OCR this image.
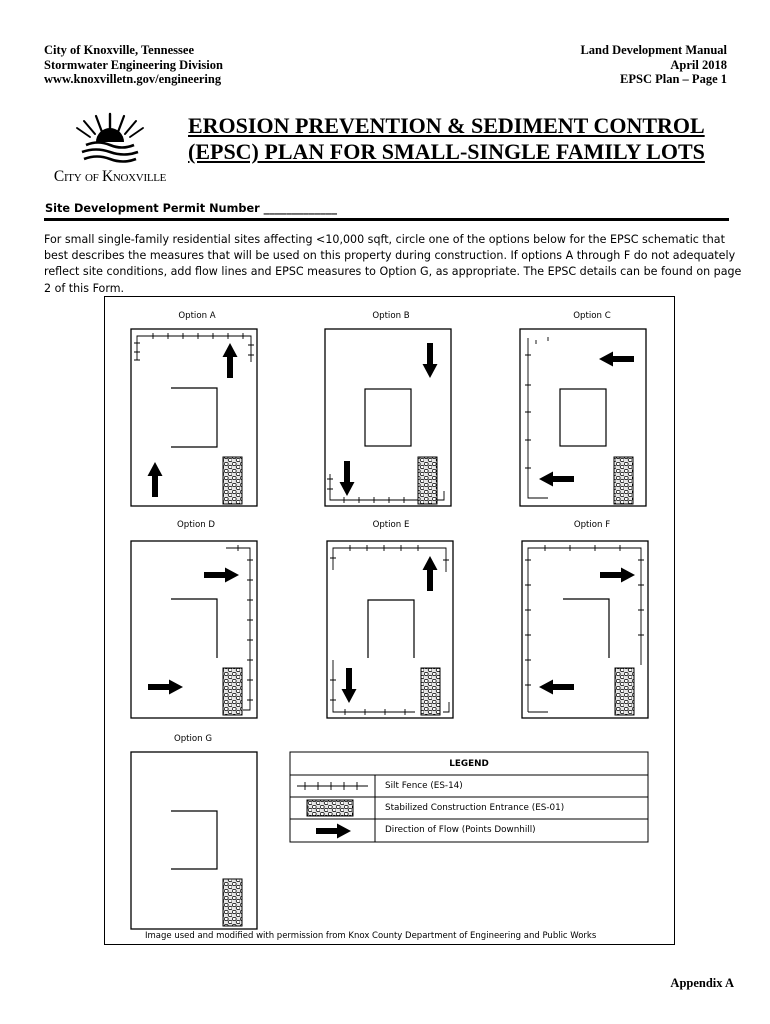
City of Knoxville, Tennessee
Stormwater Engineering Division
www.knoxvilletn.gov/engineering
Land Development Manual
April 2018
EPSC Plan – Page 1
City of Knoxville
EROSION PREVENTION & SEDIMENT CONTROL
(EPSC) PLAN FOR SMALL-SINGLE FAMILY LOTS
Site Development Permit Number _____________
For small single-family residential sites affecting <10,000 sqft, circle one of the options below for the EPSC schematic that best describes the measures that will be used on this property during construction. If options A through F do not adequately reflect site conditions, add flow lines and EPSC measures to Option G, as appropriate. The EPSC details can be found on page 2 of this Form.
Option A	Option B	Option C
Option D	Option E	Option F
Option G
LEGEND
Silt Fence (ES-14)
Stabilized Construction Entrance (ES-01)
Direction of Flow (Points Downhill)
Image used and modified with permission from Knox County Department of Engineering and Public Works
Appendix A
